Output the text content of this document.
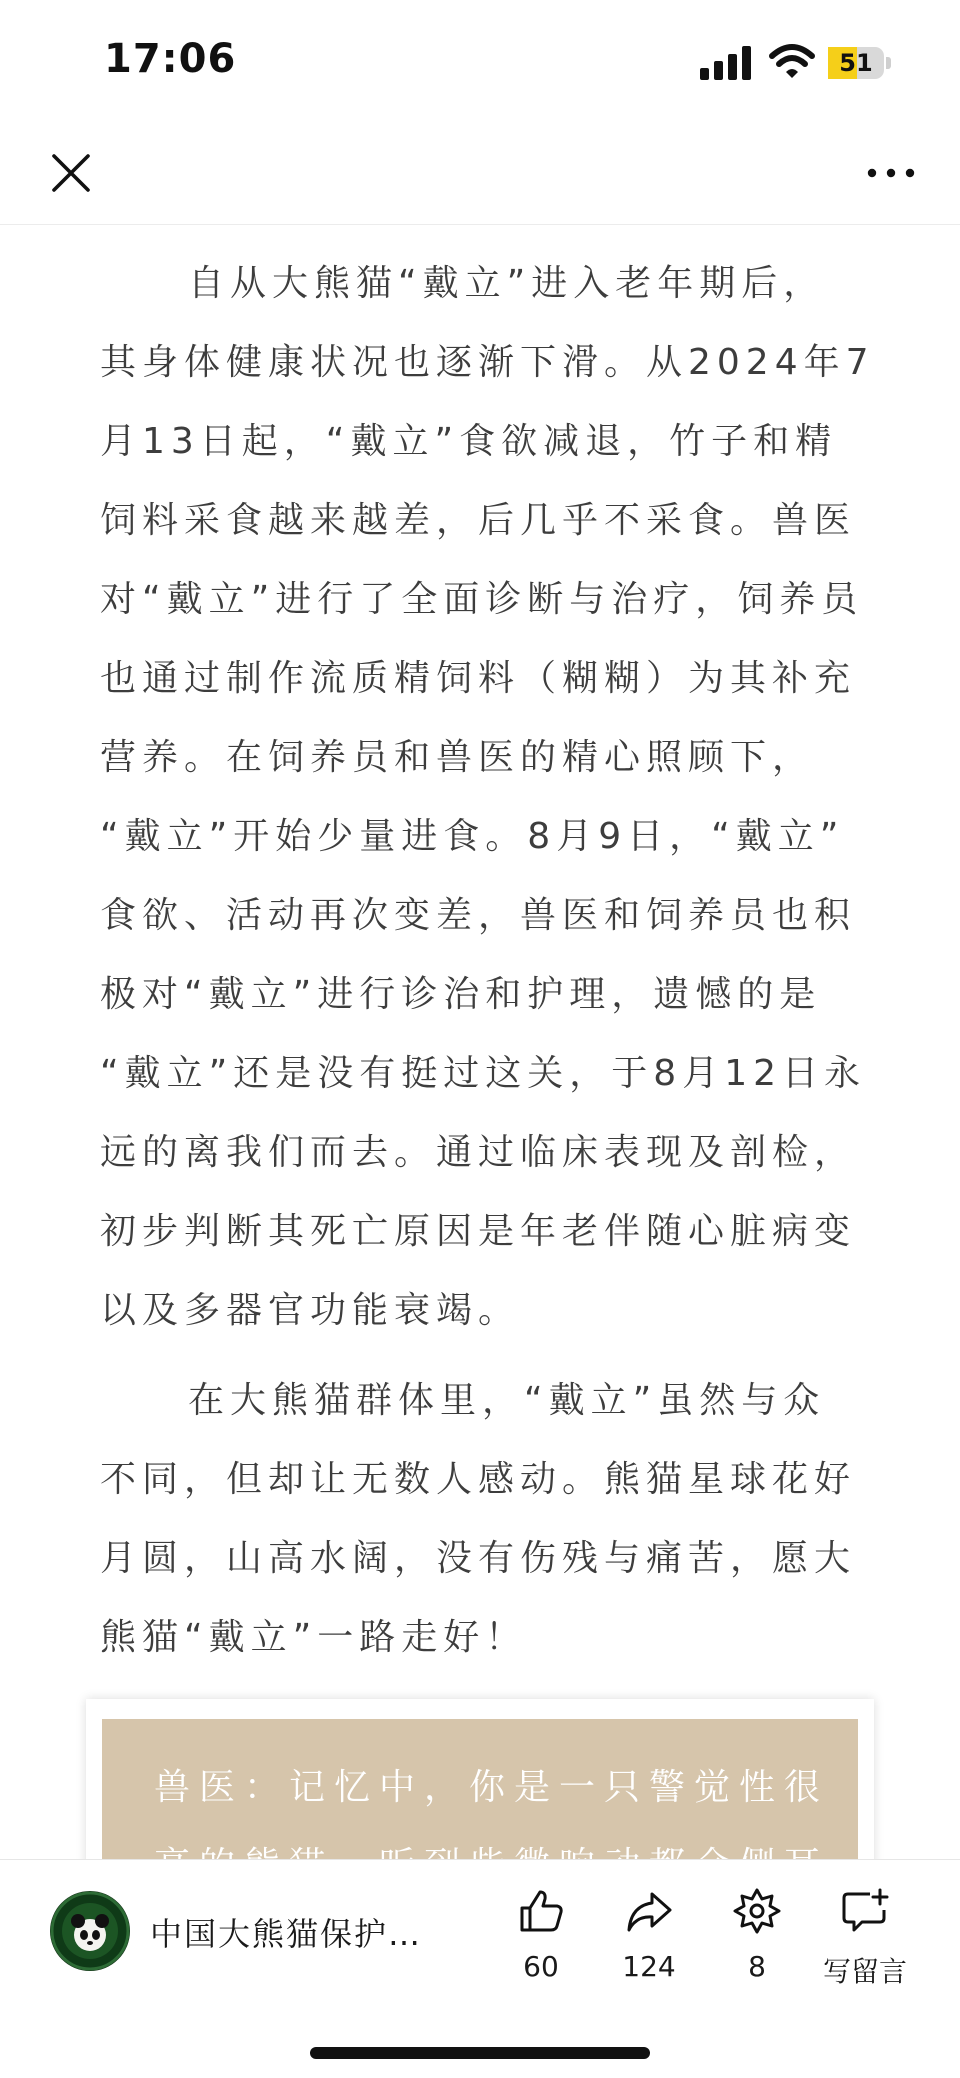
17:06	51
自从大熊猫“戴立”进入老年期后，
其身体健康状况也逐渐下滑。从2024年7
月13日起，“戴立”食欲减退，竹子和精
饲料采食越来越差，后几乎不采食。兽医
对“戴立”进行了全面诊断与治疗，饲养员
也通过制作流质精饲料（糊糊）为其补充
营养。在饲养员和兽医的精心照顾下，
“戴立”开始少量进食。8月9日，“戴立”
食欲、活动再次变差，兽医和饲养员也积
极对“戴立”进行诊治和护理，遗憾的是
“戴立”还是没有挺过这关，于8月12日永
远的离我们而去。通过临床表现及剖检，
初步判断其死亡原因是年老伴随心脏病变
以及多器官功能衰竭。
在大熊猫群体里，“戴立”虽然与众
不同，但却让无数人感动。熊猫星球花好
月圆，山高水阔，没有伤残与痛苦，愿大
熊猫“戴立”一路走好！
兽医：记忆中，你是一只警觉性很
中国大熊猫保护…
60	124	8	写留言
